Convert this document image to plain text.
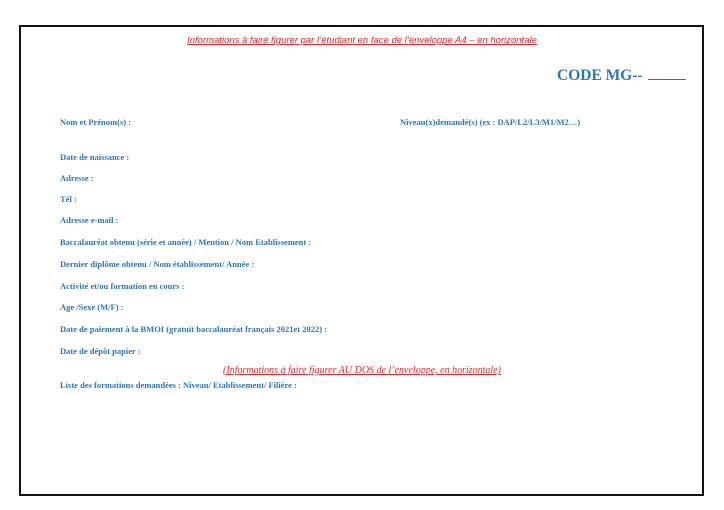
Informations à faire figurer par l’étudiant en face de l’enveloppe A4 – en horizontale
CODE MG--
Nom et Prénom(s) :	Niveau(x)demandé(s) (ex : DAP/L2/L3/M1/M2…)
Date de naissance :
Adresse :
Tél :
Adresse e-mail :
Baccalauréat obtenu (série et année) / Mention / Nom Etablissement :
Dernier diplôme obtenu / Nom établissement/ Année :
Activité et/ou formation en cours :
Age /Sexe (M/F) :
Date de paiement à la BMOI (gratuit baccalauréat français 2021et 2022) :
Date de dépôt papier :
(Informations à faire figurer AU DOS de l’enveloppe, en horizontale)
Liste des formations demandées : Niveau/ Etablissement/ Filière :
